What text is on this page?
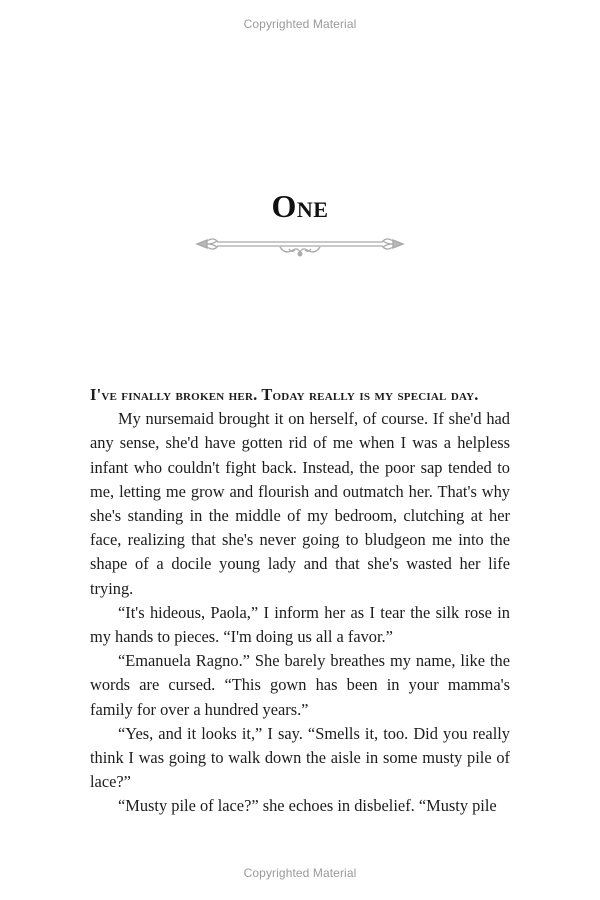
Copyrighted Material
One

I've finally broken her. Today really is my special day.

My nursemaid brought it on herself, of course. If she'd had any sense, she'd have gotten rid of me when I was a helpless infant who couldn't fight back. Instead, the poor sap tended to me, letting me grow and flourish and outmatch her. That's why she's standing in the middle of my bedroom, clutching at her face, realizing that she's never going to bludgeon me into the shape of a docile young lady and that she's wasted her life trying.

“It's hideous, Paola,” I inform her as I tear the silk rose in my hands to pieces. “I'm doing us all a favor.”

“Emanuela Ragno.” She barely breathes my name, like the words are cursed. “This gown has been in your mamma's family for over a hundred years.”

“Yes, and it looks it,” I say. “Smells it, too. Did you really think I was going to walk down the aisle in some musty pile of lace?”

“Musty pile of lace?” she echoes in disbelief. “Musty pile

Copyrighted Material
